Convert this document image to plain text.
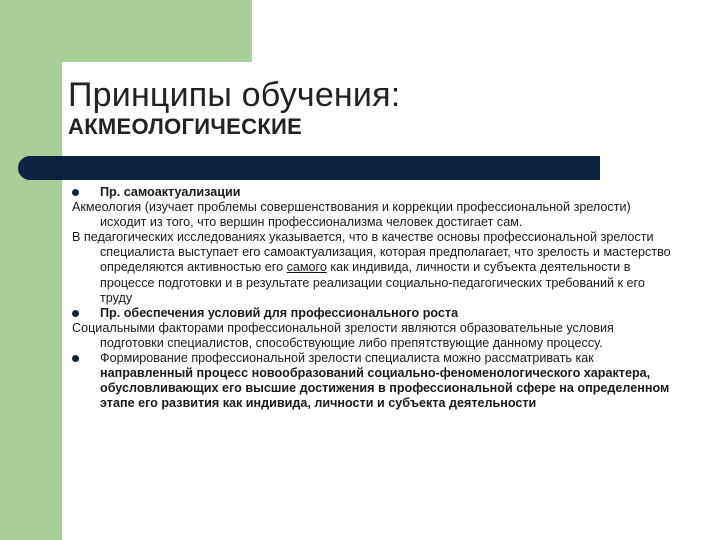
Принципы обучения:
АКМЕОЛОГИЧЕСКИЕ

Пр. самоактуализации

Акмеология (изучает проблемы совершенствования и коррекции профессиональной зрелости) исходит из того, что вершин профессионализма человек достигает сам.

В педагогических исследованиях указывается, что в качестве основы профессиональной зрелости специалиста выступает его самоактуализация, которая предполагает, что зрелость и мастерство определяются активностью его самого как индивида, личности и субъекта деятельности в процессе подготовки и в результате реализации социально-педагогических требований к его труду

Пр. обеспечения условий для профессионального роста

Социальными факторами профессиональной зрелости являются образовательные условия подготовки специалистов, способствующие либо препятствующие данному процессу.

Формирование профессиональной зрелости специалиста можно рассматривать как направленный процесс новообразований социально-феноменологического характера, обусловливающих его высшие достижения в профессиональной сфере на определенном этапе его развития как индивида, личности и субъекта деятельности
